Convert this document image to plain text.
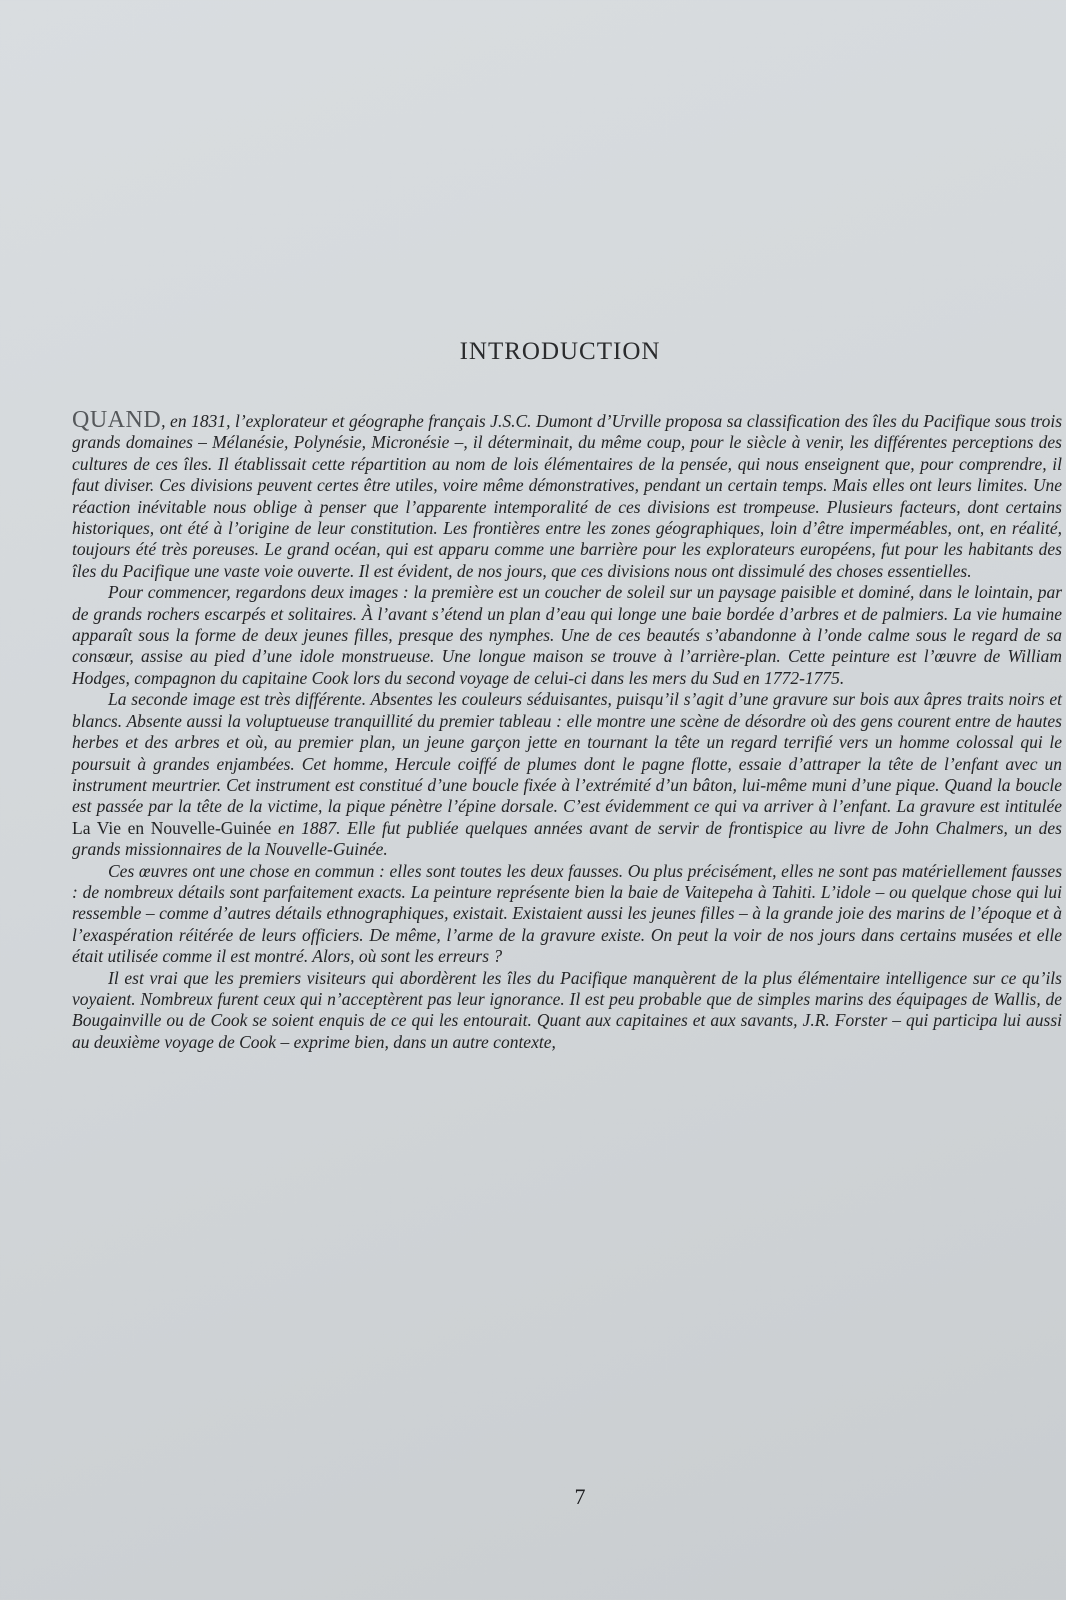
INTRODUCTION

QUAND, en 1831, l’explorateur et géographe français J.S.C. Dumont d’Urville proposa sa classification des îles du Pacifique sous trois grands domaines – Mélanésie, Polynésie, Micronésie –, il déterminait, du même coup, pour le siècle à venir, les différentes perceptions des cultures de ces îles. Il établissait cette répartition au nom de lois élémentaires de la pensée, qui nous enseignent que, pour comprendre, il faut diviser. Ces divisions peuvent certes être utiles, voire même démonstratives, pendant un certain temps. Mais elles ont leurs limites. Une réaction inévitable nous oblige à penser que l’apparente intemporalité de ces divisions est trompeuse. Plusieurs facteurs, dont certains historiques, ont été à l’origine de leur constitution. Les frontières entre les zones géographiques, loin d’être imperméables, ont, en réalité, toujours été très poreuses. Le grand océan, qui est apparu comme une barrière pour les explorateurs européens, fut pour les habitants des îles du Pacifique une vaste voie ouverte. Il est évident, de nos jours, que ces divisions nous ont dissimulé des choses essentielles.

Pour commencer, regardons deux images : la première est un coucher de soleil sur un paysage paisible et dominé, dans le lointain, par de grands rochers escarpés et solitaires. À l’avant s’étend un plan d’eau qui longe une baie bordée d’arbres et de palmiers. La vie humaine apparaît sous la forme de deux jeunes filles, presque des nymphes. Une de ces beautés s’abandonne à l’onde calme sous le regard de sa consœur, assise au pied d’une idole monstrueuse. Une longue maison se trouve à l’arrière-plan. Cette peinture est l’œuvre de William Hodges, compagnon du capitaine Cook lors du second voyage de celui-ci dans les mers du Sud en 1772-1775.

La seconde image est très différente. Absentes les couleurs séduisantes, puisqu’il s’agit d’une gravure sur bois aux âpres traits noirs et blancs. Absente aussi la voluptueuse tranquillité du premier tableau : elle montre une scène de désordre où des gens courent entre de hautes herbes et des arbres et où, au premier plan, un jeune garçon jette en tournant la tête un regard terrifié vers un homme colossal qui le poursuit à grandes enjambées. Cet homme, Hercule coiffé de plumes dont le pagne flotte, essaie d’attraper la tête de l’enfant avec un instrument meurtrier. Cet instrument est constitué d’une boucle fixée à l’extrémité d’un bâton, lui-même muni d’une pique. Quand la boucle est passée par la tête de la victime, la pique pénètre l’épine dorsale. C’est évidemment ce qui va arriver à l’enfant. La gravure est intitulée La Vie en Nouvelle-Guinée en 1887. Elle fut publiée quelques années avant de servir de frontispice au livre de John Chalmers, un des grands missionnaires de la Nouvelle-Guinée.

Ces œuvres ont une chose en commun : elles sont toutes les deux fausses. Ou plus précisément, elles ne sont pas matériellement fausses : de nombreux détails sont parfaitement exacts. La peinture représente bien la baie de Vaitepeha à Tahiti. L’idole – ou quelque chose qui lui ressemble – comme d’autres détails ethnographiques, existait. Existaient aussi les jeunes filles – à la grande joie des marins de l’époque et à l’exaspération réitérée de leurs officiers. De même, l’arme de la gravure existe. On peut la voir de nos jours dans certains musées et elle était utilisée comme il est montré. Alors, où sont les erreurs ?

Il est vrai que les premiers visiteurs qui abordèrent les îles du Pacifique manquèrent de la plus élémentaire intelligence sur ce qu’ils voyaient. Nombreux furent ceux qui n’acceptèrent pas leur ignorance. Il est peu probable que de simples marins des équipages de Wallis, de Bougainville ou de Cook se soient enquis de ce qui les entourait. Quant aux capitaines et aux savants, J.R. Forster – qui participa lui aussi au deuxième voyage de Cook – exprime bien, dans un autre contexte,

7
